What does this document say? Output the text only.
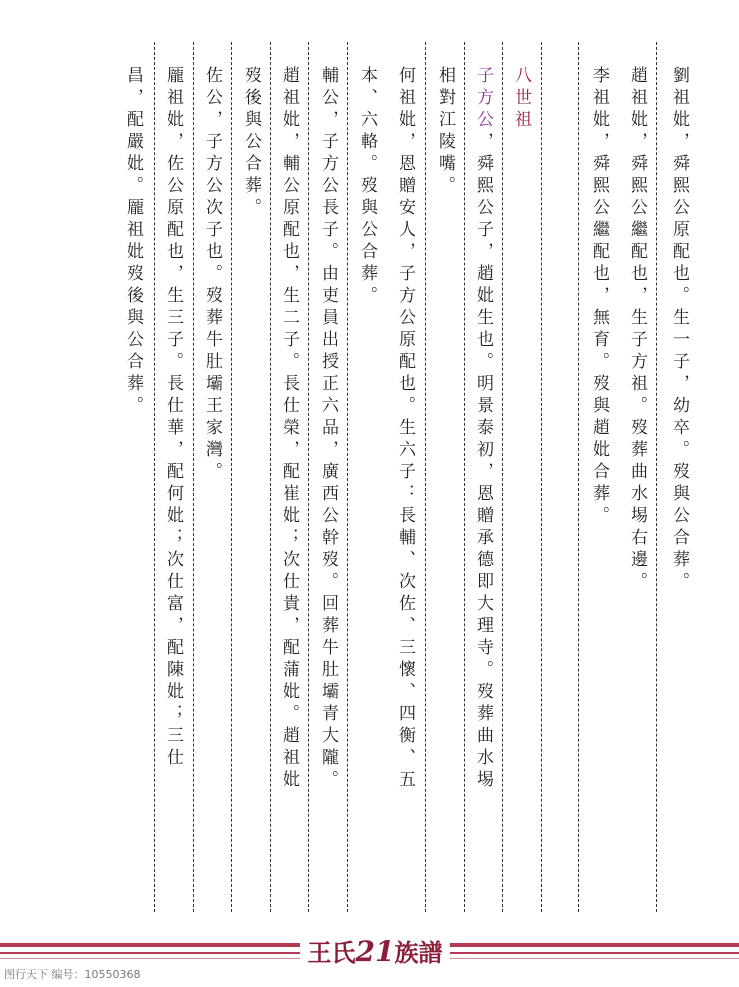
劉祖妣，舜熙公原配也。生一子，幼卒。歿與公合葬。
趙祖妣，舜熙公繼配也，生子方祖。歿葬曲水埸右邊。
李祖妣，舜熙公繼配也，無育。歿與趙妣合葬。
八世祖
子方公，舜熙公子，趙妣生也。明景泰初，恩贈承德即大理寺。歿葬曲水埸
何祖妣，恩贈安人，子方公原配也。生六子：長輔、次佐、三懷、四衡、五 相對江陵嘴。
本、六輅。歿與公合葬。
輔公，子方公長子。由吏員出授正六品，廣西公幹歿。回葬牛肚壩青大隴。
趙祖妣，輔公原配也，生二子。長仕榮，配崔妣；次仕貴，配蒲妣。趙祖妣
佐公，子方公次子也。歿葬牛肚壩王家灣。 歿後與公合葬。
龎祖妣，佐公原配也，生三子。長仕華，配何妣；次仕富，配陳妣；三仕
昌，配嚴妣。龎祖妣歿後與公合葬。
王氏21族譜
图行天下 编号：10550368
